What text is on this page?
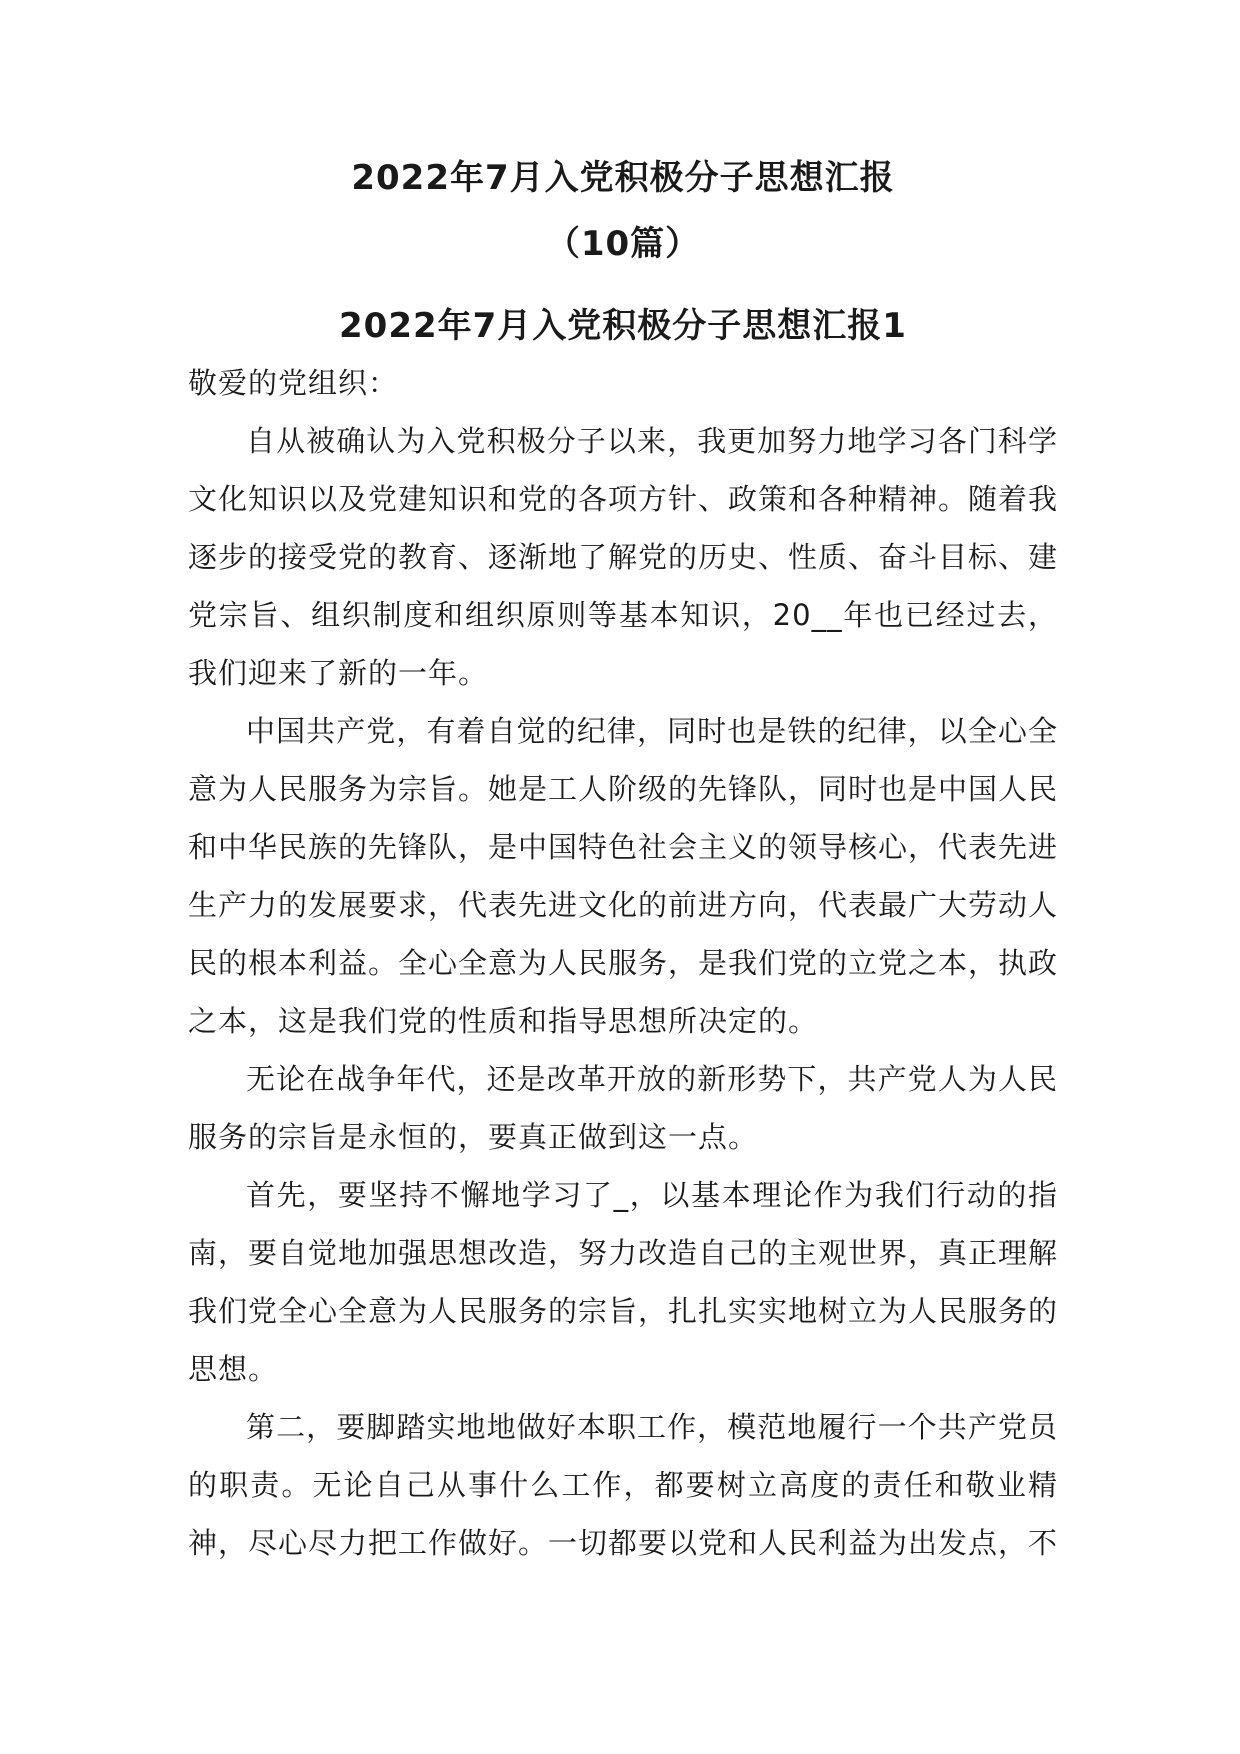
2022年7月入党积极分子思想汇报
（10篇）
2022年7月入党积极分子思想汇报1

敬爱的党组织：

自从被确认为入党积极分子以来，我更加努力地学习各门科学文化知识以及党建知识和党的各项方针、政策和各种精神。随着我逐步的接受党的教育、逐渐地了解党的历史、性质、奋斗目标、建党宗旨、组织制度和组织原则等基本知识，20__年也已经过去，我们迎来了新的一年。

中国共产党，有着自觉的纪律，同时也是铁的纪律，以全心全意为人民服务为宗旨。她是工人阶级的先锋队，同时也是中国人民和中华民族的先锋队，是中国特色社会主义的领导核心，代表先进生产力的发展要求，代表先进文化的前进方向，代表最广大劳动人民的根本利益。全心全意为人民服务，是我们党的立党之本，执政之本，这是我们党的性质和指导思想所决定的。

无论在战争年代，还是改革开放的新形势下，共产党人为人民服务的宗旨是永恒的，要真正做到这一点。

首先，要坚持不懈地学习了_，以基本理论作为我们行动的指南，要自觉地加强思想改造，努力改造自己的主观世界，真正理解我们党全心全意为人民服务的宗旨，扎扎实实地树立为人民服务的思想。

第二，要脚踏实地地做好本职工作，模范地履行一个共产党员的职责。无论自己从事什么工作，都要树立高度的责任和敬业精神，尽心尽力把工作做好。一切都要以党和人民利益为出发点，不
